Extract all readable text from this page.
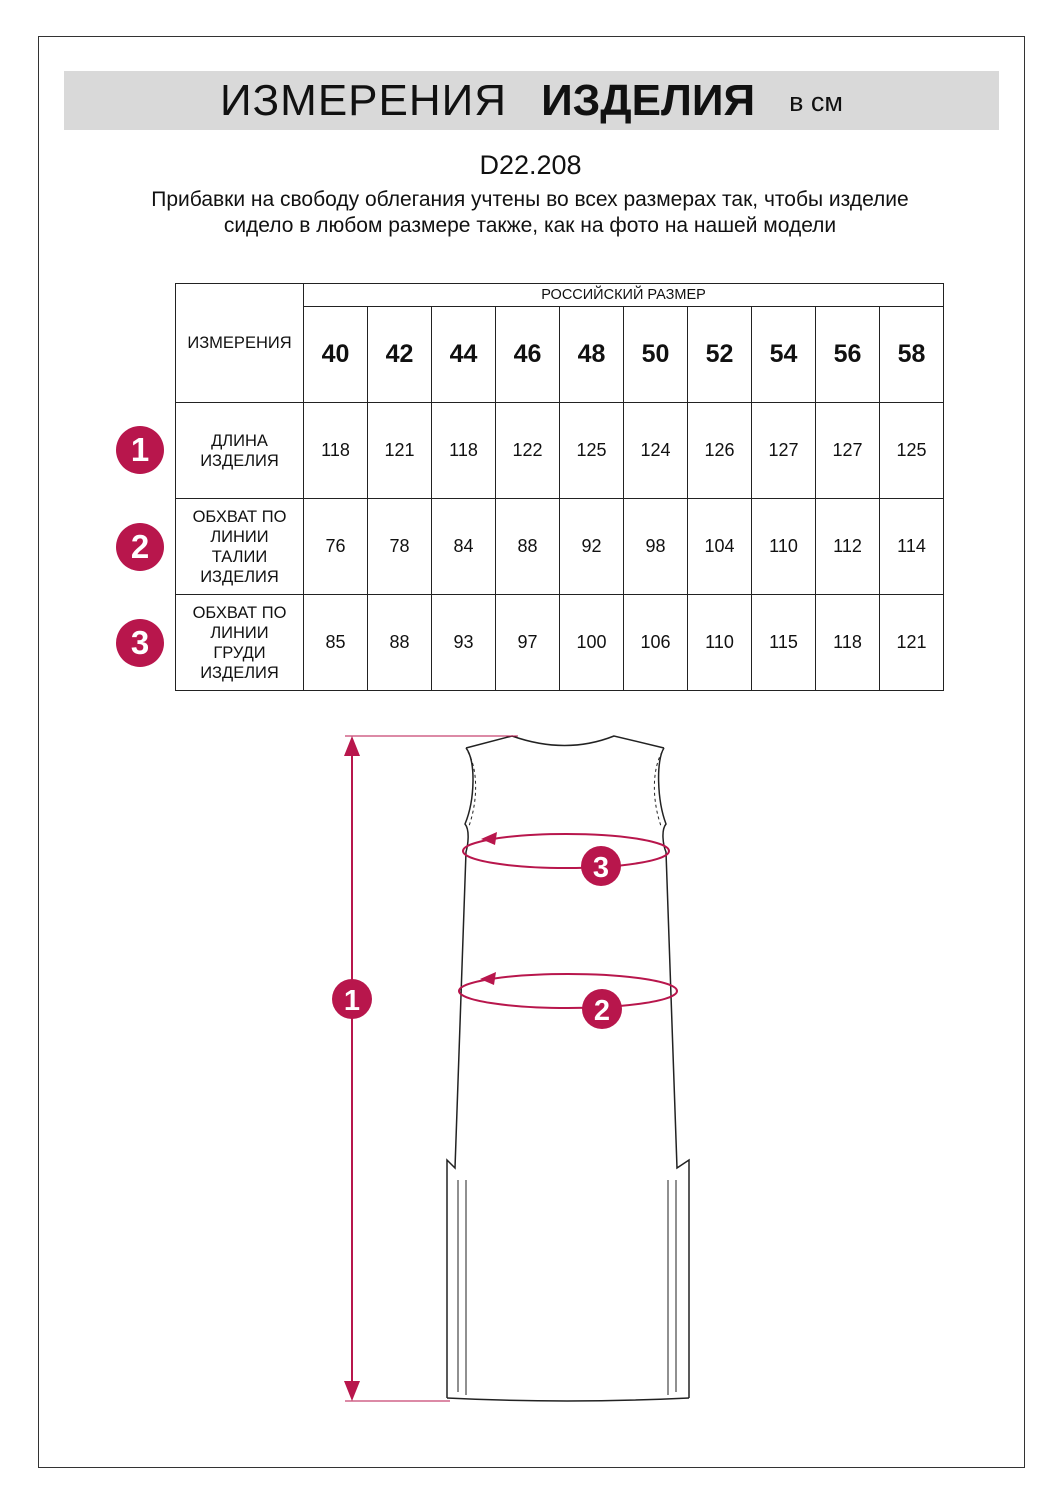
ИЗМЕРЕНИЯ ИЗДЕЛИЯ в см
D22.208
Прибавки на свободу облегания учтены во всех размерах так, чтобы изделие сидело в любом размере также, как на фото на нашей модели
ИЗМЕРЕНИЯ	РОССИЙСКИЙ РАЗМЕР									
	40	42	44	46	48	50	52	54	56	58

ДЛИНА
ИЗДЕЛИЯ	118	121	118	122	125	124	126	127	127	125

ОБХВАТ ПО
ЛИНИИ
ТАЛИИ
ИЗДЕЛИЯ	76	78	84	88	92	98	104	110	112	114

ОБХВАТ ПО
ЛИНИИ
ГРУДИ
ИЗДЕЛИЯ	85	88	93	97	100	106	110	115	118	121
1
2
3
1
3
2
